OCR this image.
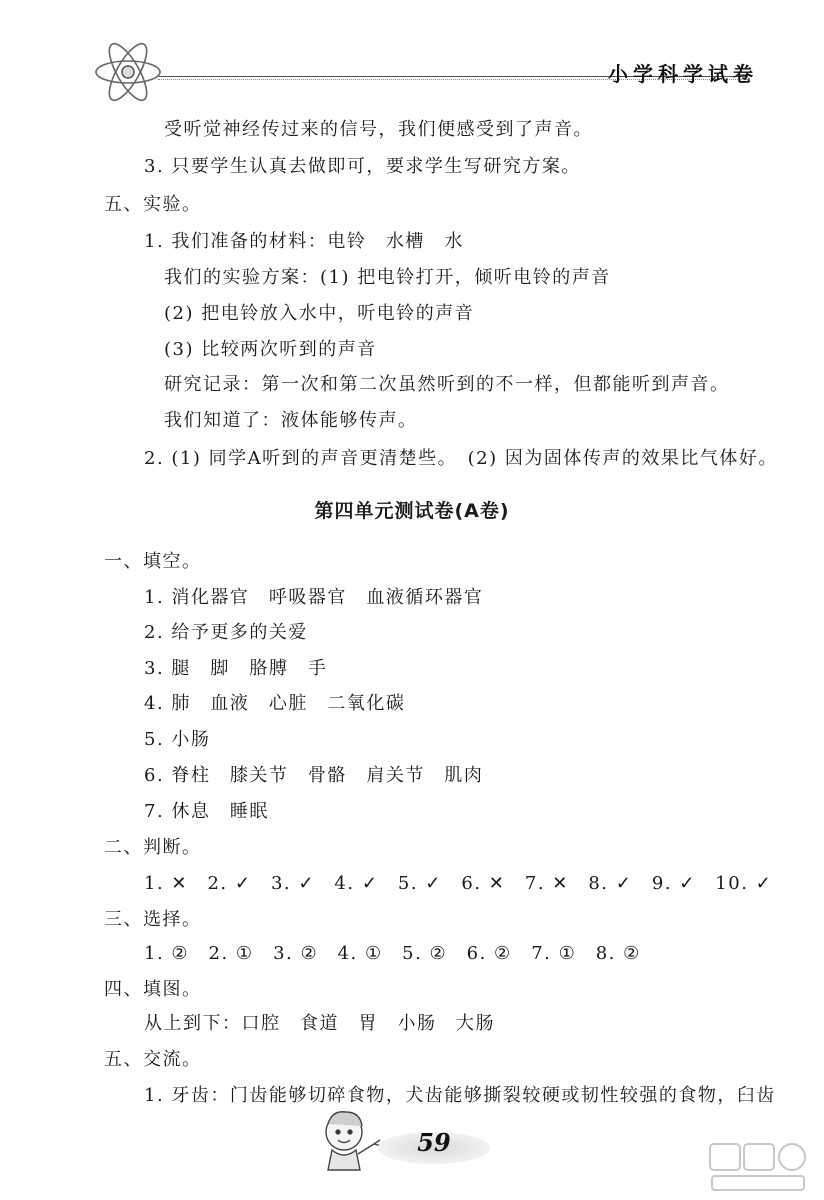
小学科学试卷
受听觉神经传过来的信号，我们便感受到了声音。
3. 只要学生认真去做即可，要求学生写研究方案。
五、实验。
1. 我们准备的材料：电铃　水槽　水
我们的实验方案：(1) 把电铃打开，倾听电铃的声音
(2) 把电铃放入水中，听电铃的声音
(3) 比较两次听到的声音
研究记录：第一次和第二次虽然听到的不一样，但都能听到声音。
我们知道了：液体能够传声。
2. (1) 同学A听到的声音更清楚些。　(2) 因为固体传声的效果比气体好。
第四单元测试卷(A卷)
一、填空。
1. 消化器官　呼吸器官　血液循环器官
2. 给予更多的关爱
3. 腿　脚　胳膊　手
4. 肺　血液　心脏　二氧化碳
5. 小肠
6. 脊柱　膝关节　骨骼　肩关节　肌肉
7. 休息　睡眠
二、判断。
1. ✕　2. ✓　3. ✓　4. ✓　5. ✓　6. ✕　7. ✕　8. ✓　9. ✓　10. ✓
三、选择。
1. ②　2. ①　3. ②　4. ①　5. ②　6. ②　7. ①　8. ②
四、填图。
从上到下：口腔　食道　胃　小肠　大肠
五、交流。
1. 牙齿：门齿能够切碎食物，犬齿能够撕裂较硬或韧性较强的食物，臼齿
59
